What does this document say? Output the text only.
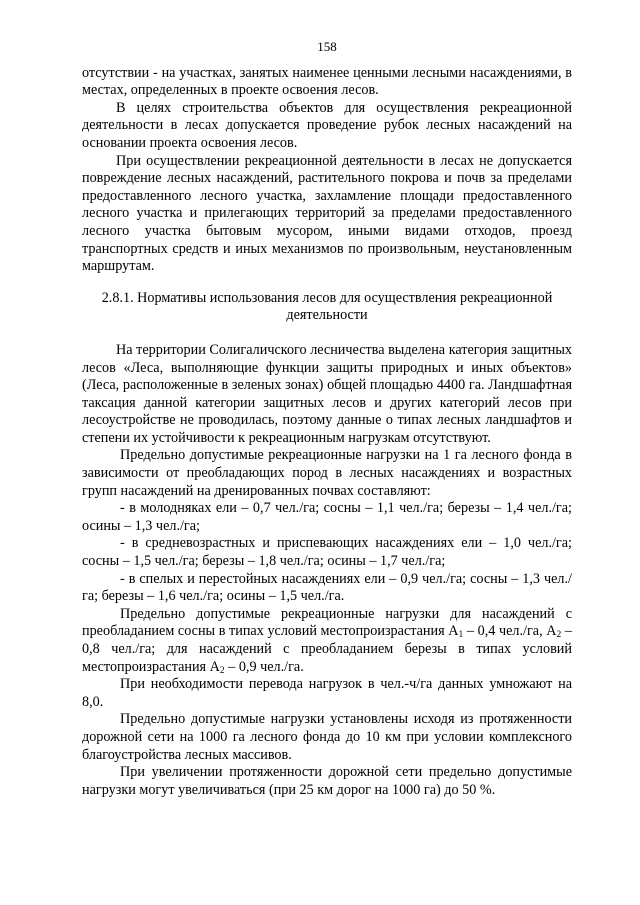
158

отсутствии - на участках, занятых наименее ценными лесными насаждениями, в местах, определенных в проекте освоения лесов.

В целях строительства объектов для осуществления рекреационной деятельности в лесах допускается проведение рубок лесных насаждений на основании проекта освоения лесов.

При осуществлении рекреационной деятельности в лесах не допускается повреждение лесных насаждений, растительного покрова и почв за пределами предоставленного лесного участка, захламление площади предоставленного лесного участка и прилегающих территорий за пределами предоставленного лесного участка бытовым мусором, иными видами отходов, проезд транспортных средств и иных механизмов по произвольным, неустановленным маршрутам.

2.8.1. Нормативы использования лесов для осуществления рекреационной деятельности

На территории Солигаличского лесничества выделена категория защитных лесов «Леса, выполняющие функции защиты природных и иных объектов» (Леса, расположенные в зеленых зонах) общей площадью 4400 га. Ландшафтная таксация данной категории защитных лесов и других категорий лесов при лесоустройстве не проводилась, поэтому данные о типах лесных ландшафтов и степени их устойчивости к рекреационным нагрузкам отсутствуют.

Предельно допустимые рекреационные нагрузки на 1 га лесного фонда в зависимости от преобладающих пород в лесных насаждениях и возрастных групп насаждений на дренированных почвах составляют:

- в молодняках ели – 0,7 чел./га; сосны – 1,1 чел./га; березы – 1,4 чел./га; осины – 1,3 чел./га;

- в средневозрастных и приспевающих насаждениях ели – 1,0 чел./га; сосны – 1,5 чел./га; березы – 1,8 чел./га; осины – 1,7 чел./га;

- в спелых и перестойных насаждениях ели – 0,9 чел./га; сосны – 1,3 чел./га; березы – 1,6 чел./га; осины – 1,5 чел./га.

Предельно допустимые рекреационные нагрузки для насаждений с преобладанием сосны в типах условий местопроизрастания $А_1 - 0,4$ чел./га, $А_2 - 0,8$ чел./га; для насаждений с преобладанием березы в типах условий местопроизрастания $А_2 - 0,9$ чел./га.

При необходимости перевода нагрузок в чел.-ч/га данных умножают на 8,0.

Предельно допустимые нагрузки установлены исходя из протяженности дорожной сети на 1000 га лесного фонда до 10 км при условии комплексного благоустройства лесных массивов.

При увеличении протяженности дорожной сети предельно допустимые нагрузки могут увеличиваться (при 25 км дорог на 1000 га) до 50 %.
